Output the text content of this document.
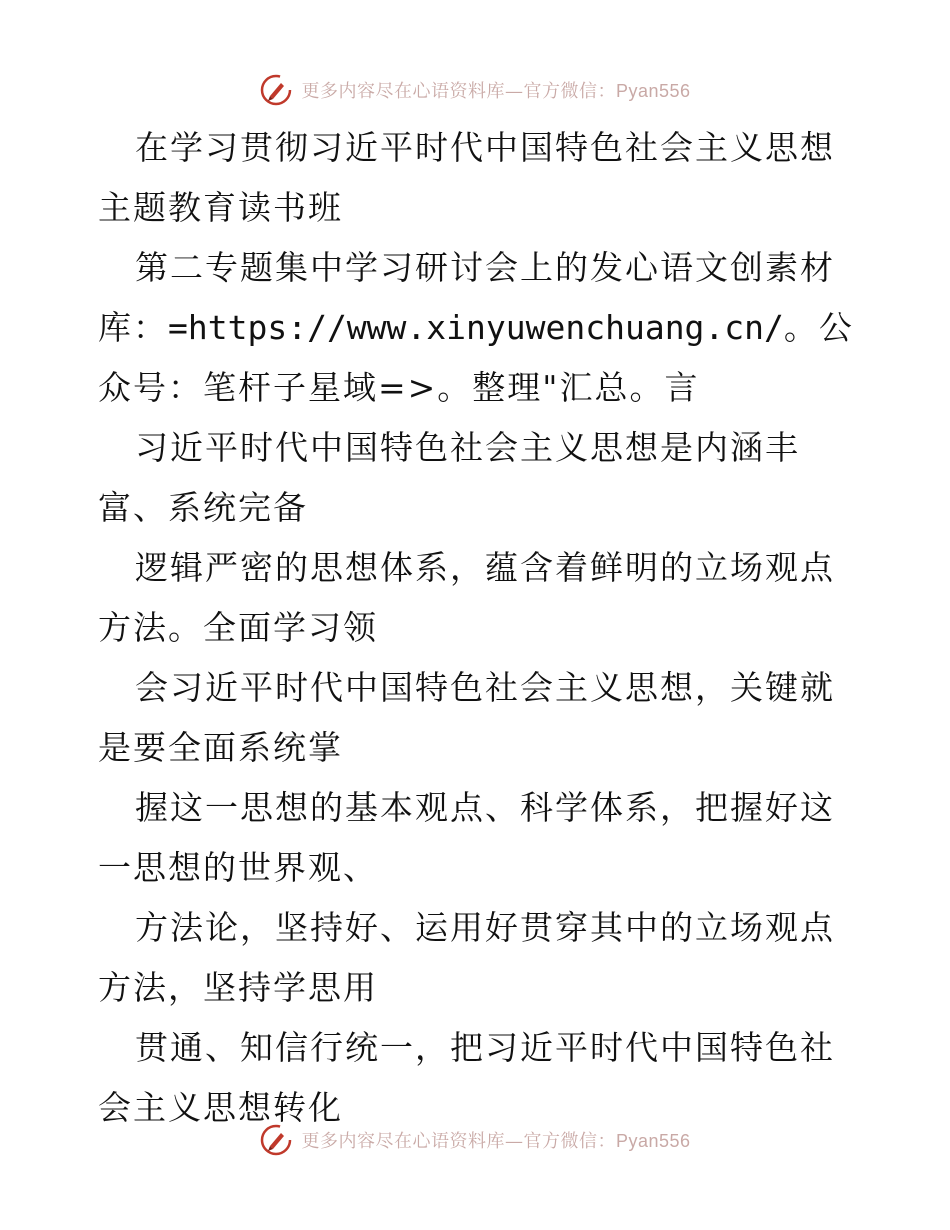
更多内容尽在心语资料库—官方微信：Pyan556

在学习贯彻习近平时代中国特色社会主义思想主题教育读书班

第二专题集中学习研讨会上的发心语文创素材库：=https://www.xinyuwenchuang.cn/。公众号：笔杆子星域=>。整理"汇总。言

习近平时代中国特色社会主义思想是内涵丰富、系统完备

逻辑严密的思想体系，蕴含着鲜明的立场观点方法。全面学习领

会习近平时代中国特色社会主义思想，关键就是要全面系统掌

握这一思想的基本观点、科学体系，把握好这一思想的世界观、

方法论，坚持好、运用好贯穿其中的立场观点方法，坚持学思用

贯通、知信行统一，把习近平时代中国特色社会主义思想转化

更多内容尽在心语资料库—官方微信：Pyan556
